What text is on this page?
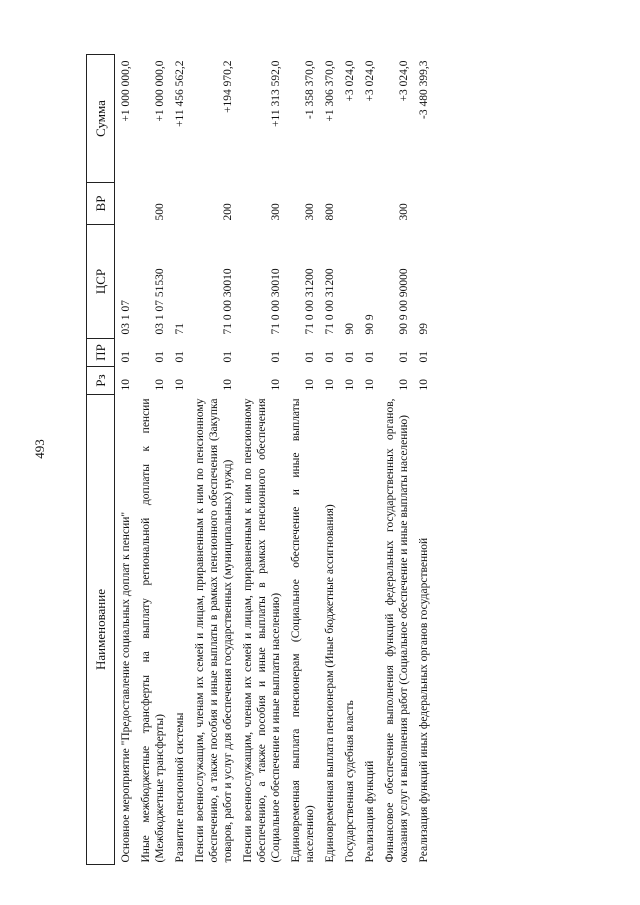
493
Наименование	Рз	ПР	ЦСР	ВР	Сумма
Основное мероприятие "Предоставление социальных доплат к пенсии"	10	01	03 1 07		+1 000 000,0
Иные межбюджетные трансферты на выплату региональной доплаты к пенсии (Межбюджетные трансферты)	10	01	03 1 07 51530	500	+1 000 000,0
Развитие пенсионной системы	10	01	71		+11 456 562,2
Пенсии военнослужащим, членам их семей и лицам, приравненным к ним по пенсионному обеспечению, а также пособия и иные выплаты в рамках пенсионного обеспечения (Закупка товаров, работ и услуг для обеспечения государственных (муниципальных) нужд)	10	01	71 0 00 30010	200	+194 970,2
Пенсии военнослужащим, членам их семей и лицам, приравненным к ним по пенсионному обеспечению, а также пособия и иные выплаты в рамках пенсионного обеспечения (Социальное обеспечение и иные выплаты населению)	10	01	71 0 00 30010	300	+11 313 592,0
Единовременная выплата пенсионерам (Социальное обеспечение и иные выплаты населению)	10	01	71 0 00 31200	300	-1 358 370,0
Единовременная выплата пенсионерам (Иные бюджетные ассигнования)	10	01	71 0 00 31200	800	+1 306 370,0
Государственная судебная власть	10	01	90		+3 024,0
Реализация функций	10	01	90 9		+3 024,0
Финансовое обеспечение выполнения функций федеральных государственных органов, оказания услуг и выполнения работ (Социальное обеспечение и иные выплаты населению)	10	01	90 9 00 90000	300	+3 024,0
Реализация функций иных федеральных органов государственной	10	01	99		-3 480 399,3
